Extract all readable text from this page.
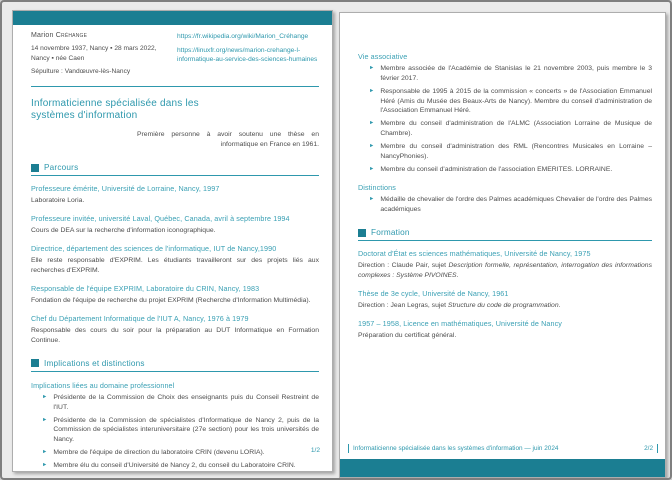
Marion Créhange
14 novembre 1937, Nancy ▪ 28 mars 2022, Nancy ▪ née Caen
Sépulture : Vandœuvre-lès-Nancy
https://fr.wikipedia.org/wiki/Marion_Créhange
https://linuxfr.org/news/marion-crehange-l-informatique-au-service-des-sciences-humaines
Informaticienne spécialisée dans les systèmes d'information
Première personne à avoir soutenu une thèse en informatique en France en 1961.
Parcours
Professeure émérite, Université de Lorraine, Nancy, 1997
Laboratoire Loria.
Professeure invitée, université Laval, Québec, Canada, avril à septembre 1994
Cours de DEA sur la recherche d'information iconographique.
Directrice, département des sciences de l'informatique, IUT de Nancy,1990
Elle reste responsable d'EXPRIM. Les étudiants travailleront sur des projets liés aux recherches d'EXPRIM.
Responsable de l'équipe EXPRIM, Laboratoire du CRIN, Nancy, 1983
Fondation de l'équipe de recherche du projet EXPRIM (Recherche d'Information Multimédia).
Chef du Département Informatique de l'IUT A, Nancy, 1976 à 1979
Responsable des cours du soir pour la préparation au DUT Informatique en Formation Continue.
Implications et distinctions
Implications liées au domaine professionnel
► Présidente de la Commission de Choix des enseignants puis du Conseil Restreint de l'IUT.
► Présidente de la Commission de spécialistes d'Informatique de Nancy 2, puis de la Commission de spécialistes interuniversitaire (27e section) pour les trois universités de Nancy.
► Membre de l'équipe de direction du laboratoire CRIN (devenu LORIA).
► Membre élu du conseil d'Université de Nancy 2, du conseil du Laboratoire CRIN.
1/2
Vie associative
► Membre associée de l'Académie de Stanislas le 21 novembre 2003, puis membre le 3 février 2017.
► Responsable de 1995 à 2015 de la commission « concerts » de l'Association Emmanuel Héré (Amis du Musée des Beaux-Arts de Nancy). Membre du conseil d'administration de l'Association Emmanuel Héré.
► Membre du conseil d'administration de l'ALMC (Association Lorraine de Musique de Chambre).
► Membre du conseil d'administration des RML (Rencontres Musicales en Lorraine – NancyPhonies).
► Membre du conseil d'administration de l'association EMERITES. LORRAINE.
Distinctions
► Médaille de chevalier de l'ordre des Palmes académiques Chevalier de l'ordre des Palmes académiques
Formation
Doctorat d'État es sciences mathématiques, Université de Nancy, 1975
Direction : Claude Pair, sujet Description formelle, représentation, interrogation des informations complexes : Système PIVOINES.
Thèse de 3e cycle, Université de Nancy, 1961
Direction : Jean Legras, sujet Structure du code de programmation.
1957 – 1958, Licence en mathématiques, Université de Nancy
Préparation du certificat général.
Informaticienne spécialisée dans les systèmes d'information — juin 2024	2/2
